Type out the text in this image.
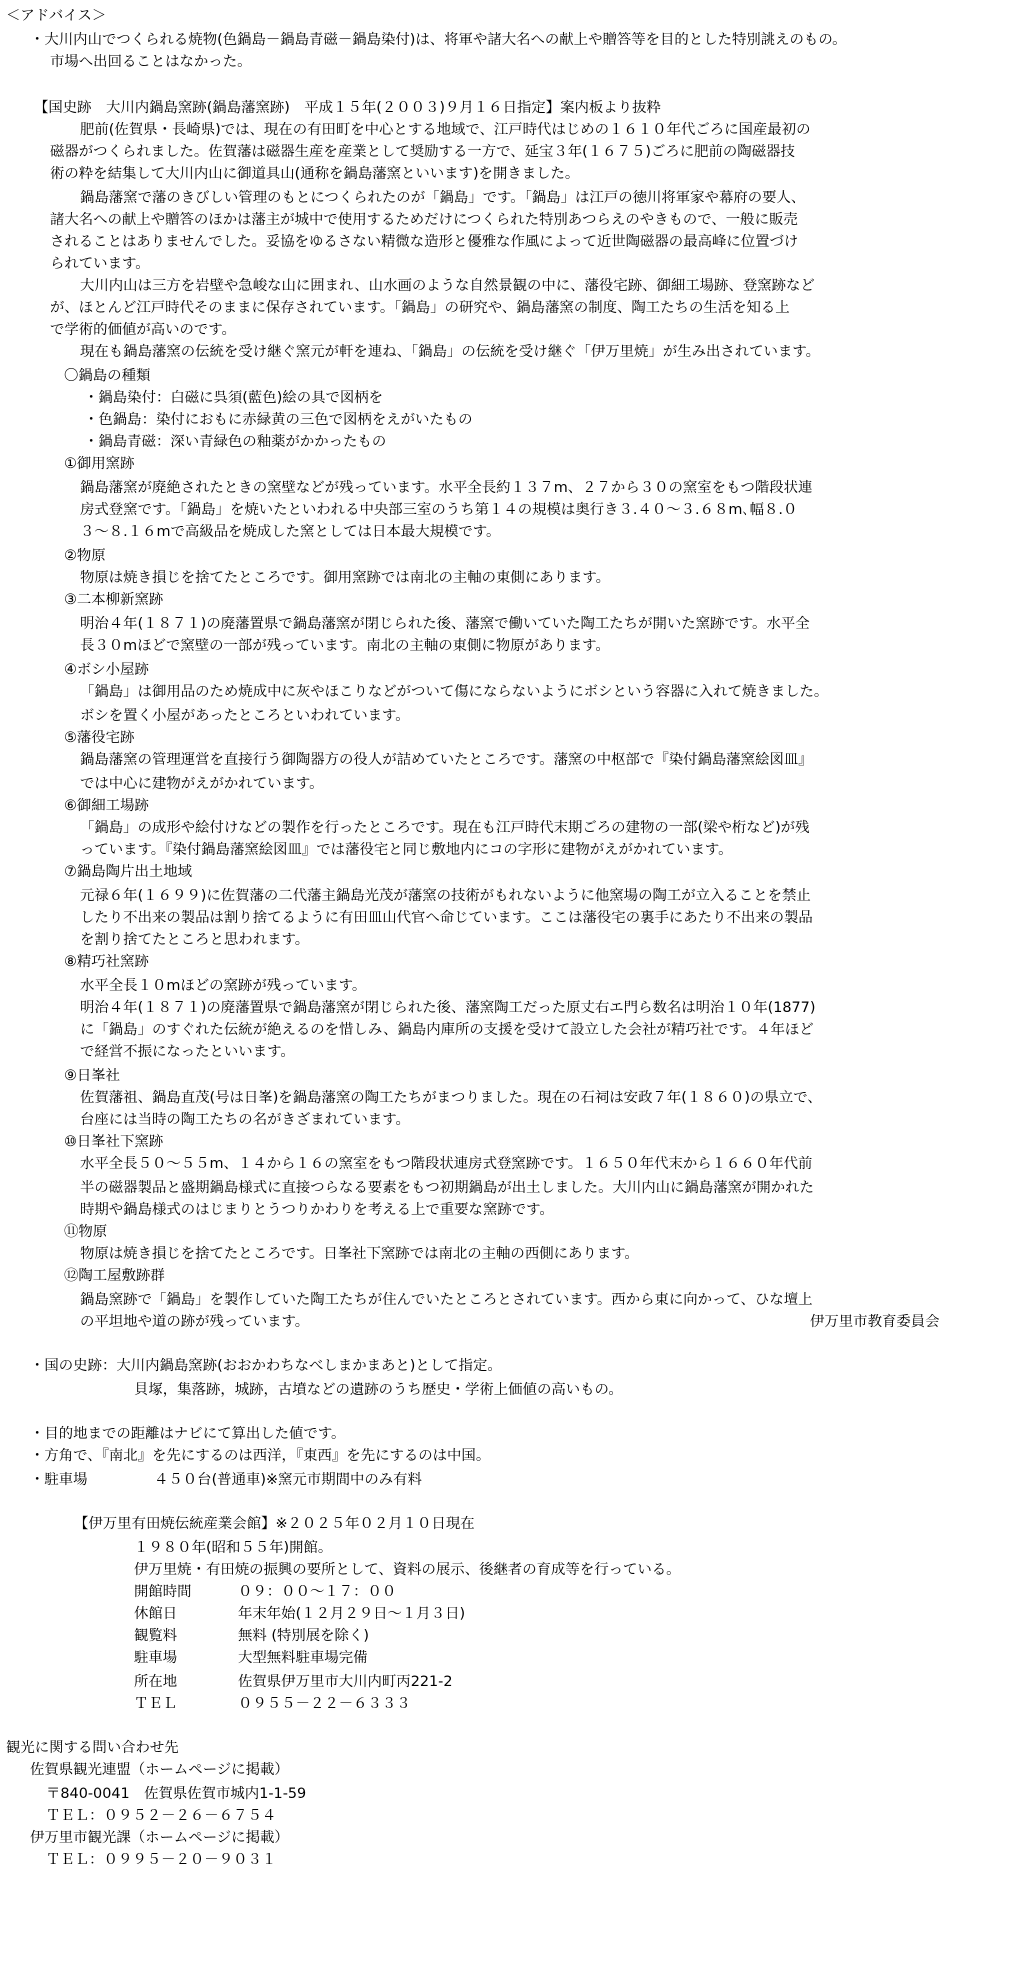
＜アドバイス＞
・大川内山でつくられる焼物(色鍋島－鍋島青磁－鍋島染付)は、将軍や諸大名への献上や贈答等を目的とした特別誂えのもの。
市場へ出回ることはなかった。
【国史跡　大川内鍋島窯跡(鍋島藩窯跡)　平成１５年(２００３)９月１６日指定】案内板より抜粋
肥前(佐賀県・長崎県)では、現在の有田町を中心とする地域で、江戸時代はじめの１６１０年代ごろに国産最初の
磁器がつくられました。佐賀藩は磁器生産を産業として奨励する一方で、延宝３年(１６７５)ごろに肥前の陶磁器技
術の粋を結集して大川内山に御道具山(通称を鍋島藩窯といいます)を開きました。
鍋島藩窯で藩のきびしい管理のもとにつくられたのが「鍋島」です。「鍋島」は江戸の徳川将軍家や幕府の要人、
諸大名への献上や贈答のほかは藩主が城中で使用するためだけにつくられた特別あつらえのやきもので、一般に販売
されることはありませんでした。妥協をゆるさない精微な造形と優雅な作風によって近世陶磁器の最高峰に位置づけ
られています。
大川内山は三方を岩壁や急峻な山に囲まれ、山水画のような自然景観の中に、藩役宅跡、御細工場跡、登窯跡など
が、ほとんど江戸時代そのままに保存されています。「鍋島」の研究や、鍋島藩窯の制度、陶工たちの生活を知る上
で学術的価値が高いのです。
現在も鍋島藩窯の伝統を受け継ぐ窯元が軒を連ね、「鍋島」の伝統を受け継ぐ「伊万里焼」が生み出されています。
〇鍋島の種類
・鍋島染付：白磁に呉須(藍色)絵の具で図柄を
・色鍋島：染付におもに赤緑黄の三色で図柄をえがいたもの
・鍋島青磁：深い青緑色の釉薬がかかったもの
①御用窯跡
鍋島藩窯が廃絶されたときの窯壁などが残っています。水平全長約１３７m、２７から３０の窯室をもつ階段状連
房式登窯です。「鍋島」を焼いたといわれる中央部三室のうち第１４の規模は奥行き３.４０～３.６８m､幅８.０
３～８.１６mで高級品を焼成した窯としては日本最大規模です。
②物原
物原は焼き損じを捨てたところです。御用窯跡では南北の主軸の東側にあります。
③二本柳新窯跡
明治４年(１８７１)の廃藩置県で鍋島藩窯が閉じられた後、藩窯で働いていた陶工たちが開いた窯跡です。水平全
長３０mほどで窯壁の一部が残っています。南北の主軸の東側に物原があります。
④ボシ小屋跡
「鍋島」は御用品のため焼成中に灰やほこりなどがついて傷にならないようにボシという容器に入れて焼きました。
ボシを置く小屋があったところといわれています。
⑤藩役宅跡
鍋島藩窯の管理運営を直接行う御陶器方の役人が詰めていたところです。藩窯の中枢部で『染付鍋島藩窯絵図皿』
では中心に建物がえがかれています。
⑥御細工場跡
「鍋島」の成形や絵付けなどの製作を行ったところです。現在も江戸時代末期ごろの建物の一部(梁や桁など)が残
っています。『染付鍋島藩窯絵図皿』では藩役宅と同じ敷地内にコの字形に建物がえがかれています。
⑦鍋島陶片出土地域
元禄６年(１６９９)に佐賀藩の二代藩主鍋島光茂が藩窯の技術がもれないように他窯場の陶工が立入ることを禁止
したり不出来の製品は割り捨てるように有田皿山代官へ命じています。ここは藩役宅の裏手にあたり不出来の製品
を割り捨てたところと思われます。
⑧精巧社窯跡
水平全長１０mほどの窯跡が残っています。
明治４年(１８７１)の廃藩置県で鍋島藩窯が閉じられた後、藩窯陶工だった原丈右エ門ら数名は明治１０年(1877)
に「鍋島」のすぐれた伝統が絶えるのを惜しみ、鍋島内庫所の支援を受けて設立した会社が精巧社です。４年ほど
で経営不振になったといいます。
⑨日峯社
佐賀藩祖、鍋島直茂(号は日峯)を鍋島藩窯の陶工たちがまつりました。現在の石祠は安政７年(１８６０)の県立で、
台座には当時の陶工たちの名がきざまれています。
⑩日峯社下窯跡
水平全長５０～５５m、１４から１６の窯室をもつ階段状連房式登窯跡です。１６５０年代末から１６６０年代前
半の磁器製品と盛期鍋島様式に直接つらなる要素をもつ初期鍋島が出土しました。大川内山に鍋島藩窯が開かれた
時期や鍋島様式のはじまりとうつりかわりを考える上で重要な窯跡です。
⑪物原
物原は焼き損じを捨てたところです。日峯社下窯跡では南北の主軸の西側にあります。
⑫陶工屋敷跡群
鍋島窯跡で「鍋島」を製作していた陶工たちが住んでいたところとされています。西から東に向かって、ひな壇上
の平坦地や道の跡が残っています。	伊万里市教育委員会
・国の史跡：大川内鍋島窯跡(おおかわちなべしまかまあと)として指定。
貝塚，集落跡，城跡，古墳などの遺跡のうち歴史・学術上価値の高いもの。
・目的地までの距離はナビにて算出した値です。
・方角で、『南北』を先にするのは西洋，『東西』を先にするのは中国。
・駐車場	４５０台(普通車)※窯元市期間中のみ有料
【伊万里有田焼伝統産業会館】※２０２５年０２月１０日現在
１９８０年(昭和５５年)開館。
伊万里焼・有田焼の振興の要所として、資料の展示、後継者の育成等を行っている。
開館時間	０９：００～１７：００
休館日	年末年始(１２月２９日～１月３日)
観覧料	無料 (特別展を除く)
駐車場	大型無料駐車場完備
所在地	佐賀県伊万里市大川内町丙221-2
ＴＥＬ	０９５５－２２－６３３３
観光に関する問い合わせ先
佐賀県観光連盟（ホームページに掲載）
〒840-0041　佐賀県佐賀市城内1-1-59
ＴＥＬ：０９５２－２６－６７５４
伊万里市観光課（ホームページに掲載）
ＴＥＬ：０９９５－２０－９０３１
